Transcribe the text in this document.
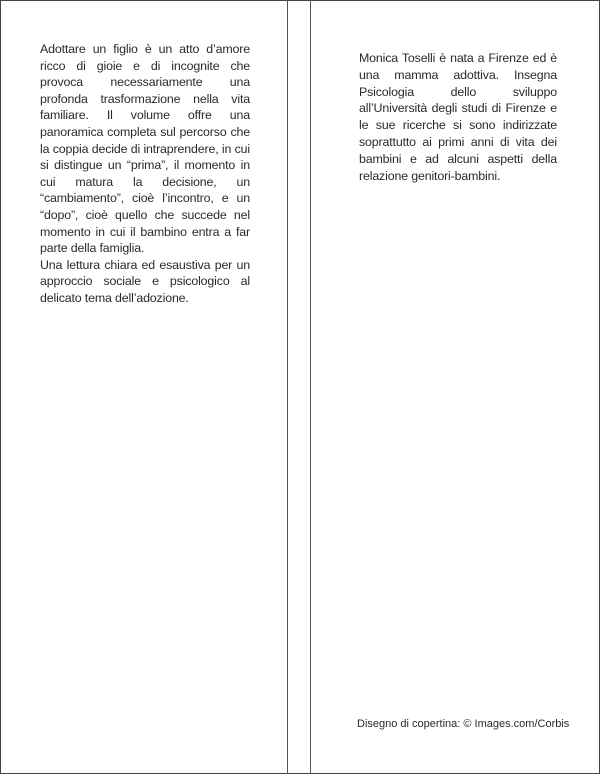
Adottare un figlio è un atto d’amore ricco di gioie e di incognite che provoca necessariamente una profonda trasformazione nella vita familiare. Il volume offre una panoramica completa sul percorso che la coppia decide di intraprendere, in cui si distingue un “prima”, il momento in cui matura la decisione, un “cambiamento”, cioè l’incontro, e un “dopo”, cioè quello che succede nel momento in cui il bambino entra a far parte della famiglia.

Una lettura chiara ed esaustiva per un approccio sociale e psicologico al delicato tema dell’adozione.

Monica Toselli è nata a Firenze ed è una mamma adottiva. Insegna Psicologia dello sviluppo all’Università degli studi di Firenze e le sue ricerche si sono indirizzate soprattutto ai primi anni di vita dei bambini e ad alcuni aspetti della relazione genitori-bambini.

Disegno di copertina: © Images.com/Corbis
